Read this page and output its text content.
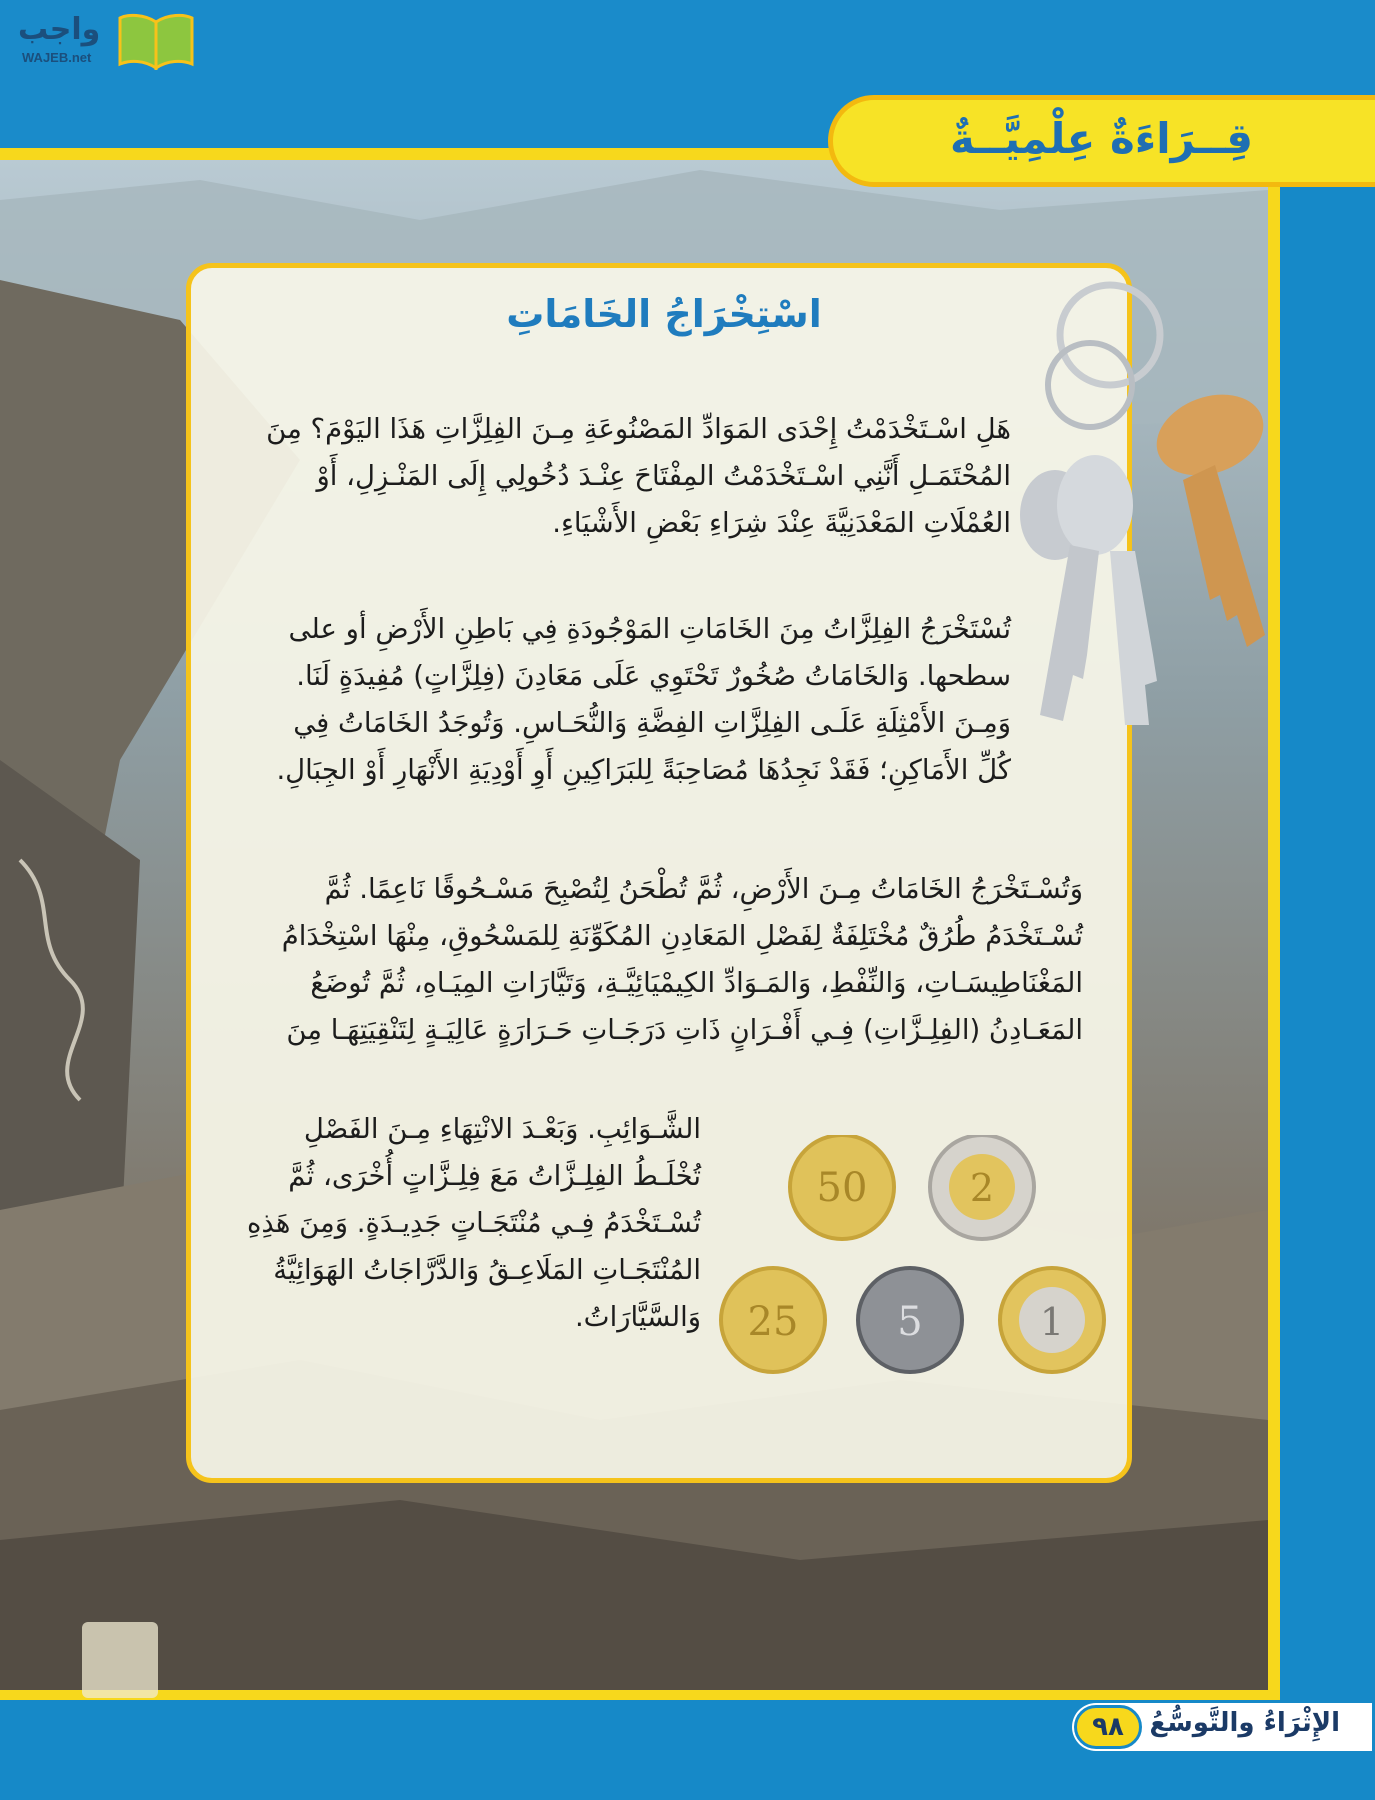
واجب
WAJEB.net
قِــرَاءَةٌ عِلْمِيَّــةٌ
اسْتِخْرَاجُ الخَامَاتِ
هَلِ اسْـتَخْدَمْتُ إِحْدَى المَوَادِّ المَصْنُوعَةِ مِـنَ الفِلِزَّاتِ هَذَا اليَوْمَ؟ مِنَ المُحْتَمَـلِ أَنَّنِي اسْـتَخْدَمْتُ المِفْتَاحَ عِنْـدَ دُخُولِي إِلَى المَنْـزِلِ، أَوْ العُمْلَاتِ المَعْدَنِيَّةَ عِنْدَ شِرَاءِ بَعْضِ الأَشْيَاءِ.
تُسْتَخْرَجُ الفِلِزَّاتُ مِنَ الخَامَاتِ المَوْجُودَةِ فِي بَاطِنِ الأَرْضِ أو على سطحها. وَالخَامَاتُ صُخُورٌ تَحْتَوِي عَلَى مَعَادِنَ (فِلِزَّاتٍ) مُفِيدَةٍ لَنَا. وَمِـنَ الأَمْثِلَةِ عَلَـى الفِلِزَّاتِ الفِضَّةِ وَالنُّحَـاسِ. وَتُوجَدُ الخَامَاتُ فِي كُلِّ الأَمَاكِنِ؛ فَقَدْ نَجِدُهَا مُصَاحِبَةً لِلبَرَاكِينِ أَوِ أَوْدِيَةِ الأَنْهَارِ أَوْ الجِبَالِ.
وَتُسْـتَخْرَجُ الخَامَاتُ مِـنَ الأَرْضِ، ثُمَّ تُطْحَنُ لِتُصْبِحَ مَسْـحُوقًا نَاعِمًا. ثُمَّ تُسْـتَخْدَمُ طُرُقٌ مُخْتَلِفَةٌ لِفَصْلِ المَعَادِنِ المُكَوِّنَةِ لِلمَسْحُوقِ، مِنْهَا اسْتِخْدَامُ المَغْنَاطِيسَـاتِ، وَالنِّفْطِ، وَالمَـوَادِّ الكِيمْيَائِيَّـةِ، وَتَيَّارَاتِ المِيَـاهِ، ثُمَّ تُوضَعُ المَعَـادِنُ (الفِلِـزَّاتِ) فِـي أَفْـرَانٍ ذَاتِ دَرَجَـاتِ حَـرَارَةٍ عَالِيَـةٍ لِتَنْقِيَتِهَـا مِنَ
الشَّـوَائِبِ. وَبَعْـدَ الانْتِهَاءِ مِـنَ الفَصْلِ تُخْلَـطُ الفِلِـزَّاتُ مَعَ فِلِـزَّاتٍ أُخْرَى، ثُمَّ تُسْـتَخْدَمُ فِـي مُنْتَجَـاتٍ جَدِيـدَةٍ. وَمِنَ هَذِهِ المُنْتَجَـاتِ المَلَاعِـقُ وَالدَّرَّاجَاتُ الهَوَائِيَّةُ وَالسَّيَّارَاتُ.
50	2
25 5	1
٩٨ الإِثْرَاءُ والتَّوسُّعُ
